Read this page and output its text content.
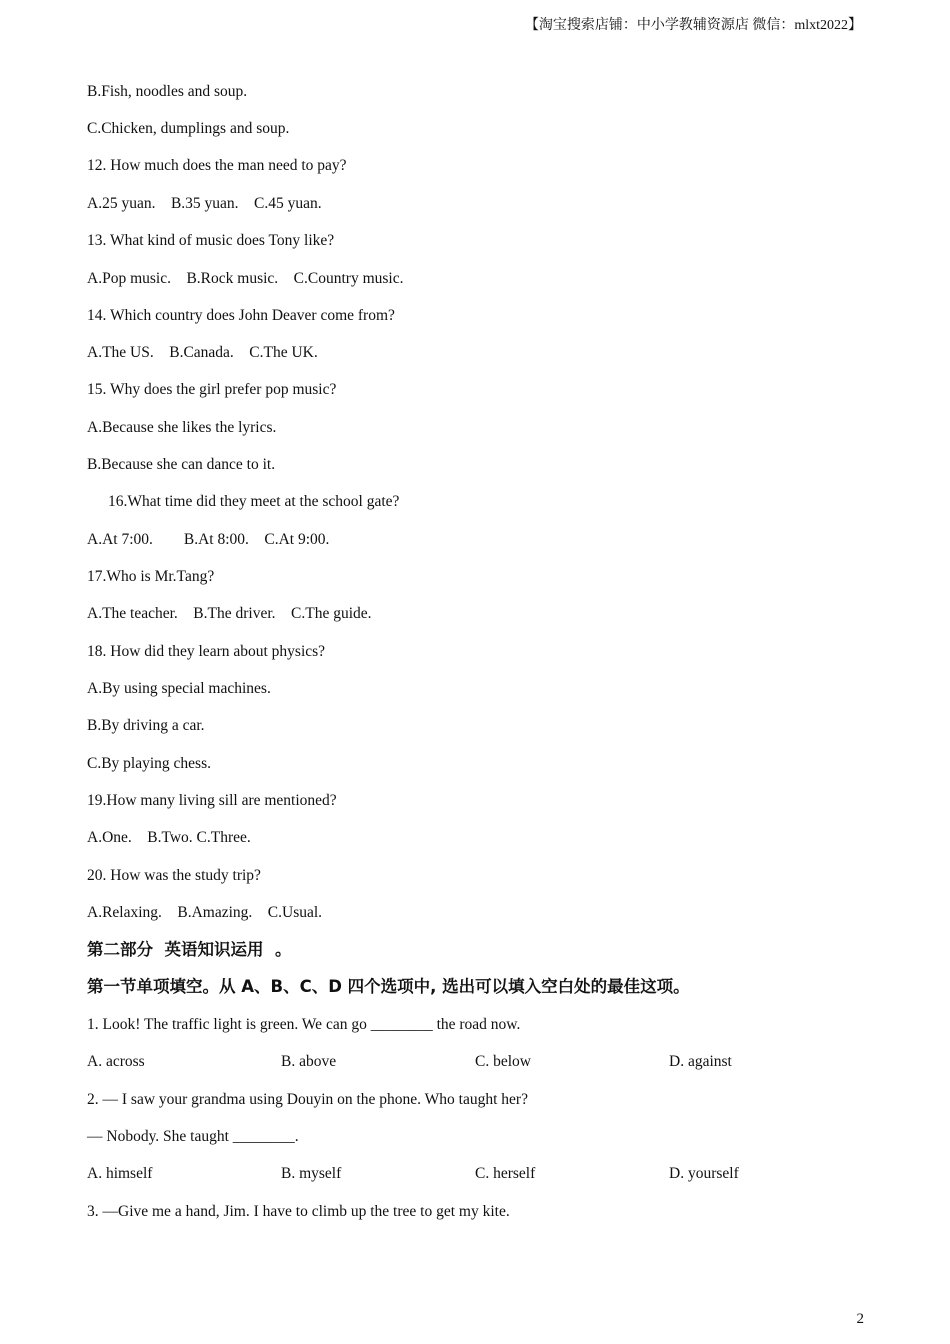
【淘宝搜索店铺：中小学教辅资源店 微信：mlxt2022】
B.Fish, noodles and soup.
C.Chicken, dumplings and soup.
12. How much does the man need to pay?
A.25 yuan.    B.35 yuan.    C.45 yuan.
13. What kind of music does Tony like?
A.Pop music.    B.Rock music.    C.Country music.
14. Which country does John Deaver come from?
A.The US.    B.Canada.    C.The UK.
15. Why does the girl prefer pop music?
A.Because she likes the lyrics.
B.Because she can dance to it.
16.What time did they meet at the school gate?
A.At 7:00.        B.At 8:00.    C.At 9:00.
17.Who is Mr.Tang?
A.The teacher.    B.The driver.    C.The guide.
18. How did they learn about physics?
A.By using special machines.
B.By driving a car.
C.By playing chess.
19.How many living sill are mentioned?
A.One.    B.Two. C.Three.
20. How was the study trip?
A.Relaxing.    B.Amazing.    C.Usual.
第二部分  英语知识运用  。
第一节单项填空。从 A、B、C、D 四个选项中, 选出可以填入空白处的最佳这项。
1. Look! The traffic light is green. We can go ________ the road now.
A. across	B. above	C. below	D. against
2. — I saw your grandma using Douyin on the phone. Who taught her?
— Nobody. She taught ________.
A. himself	B. myself	C. herself	D. yourself
3. —Give me a hand, Jim. I have to climb up the tree to get my kite.
2
